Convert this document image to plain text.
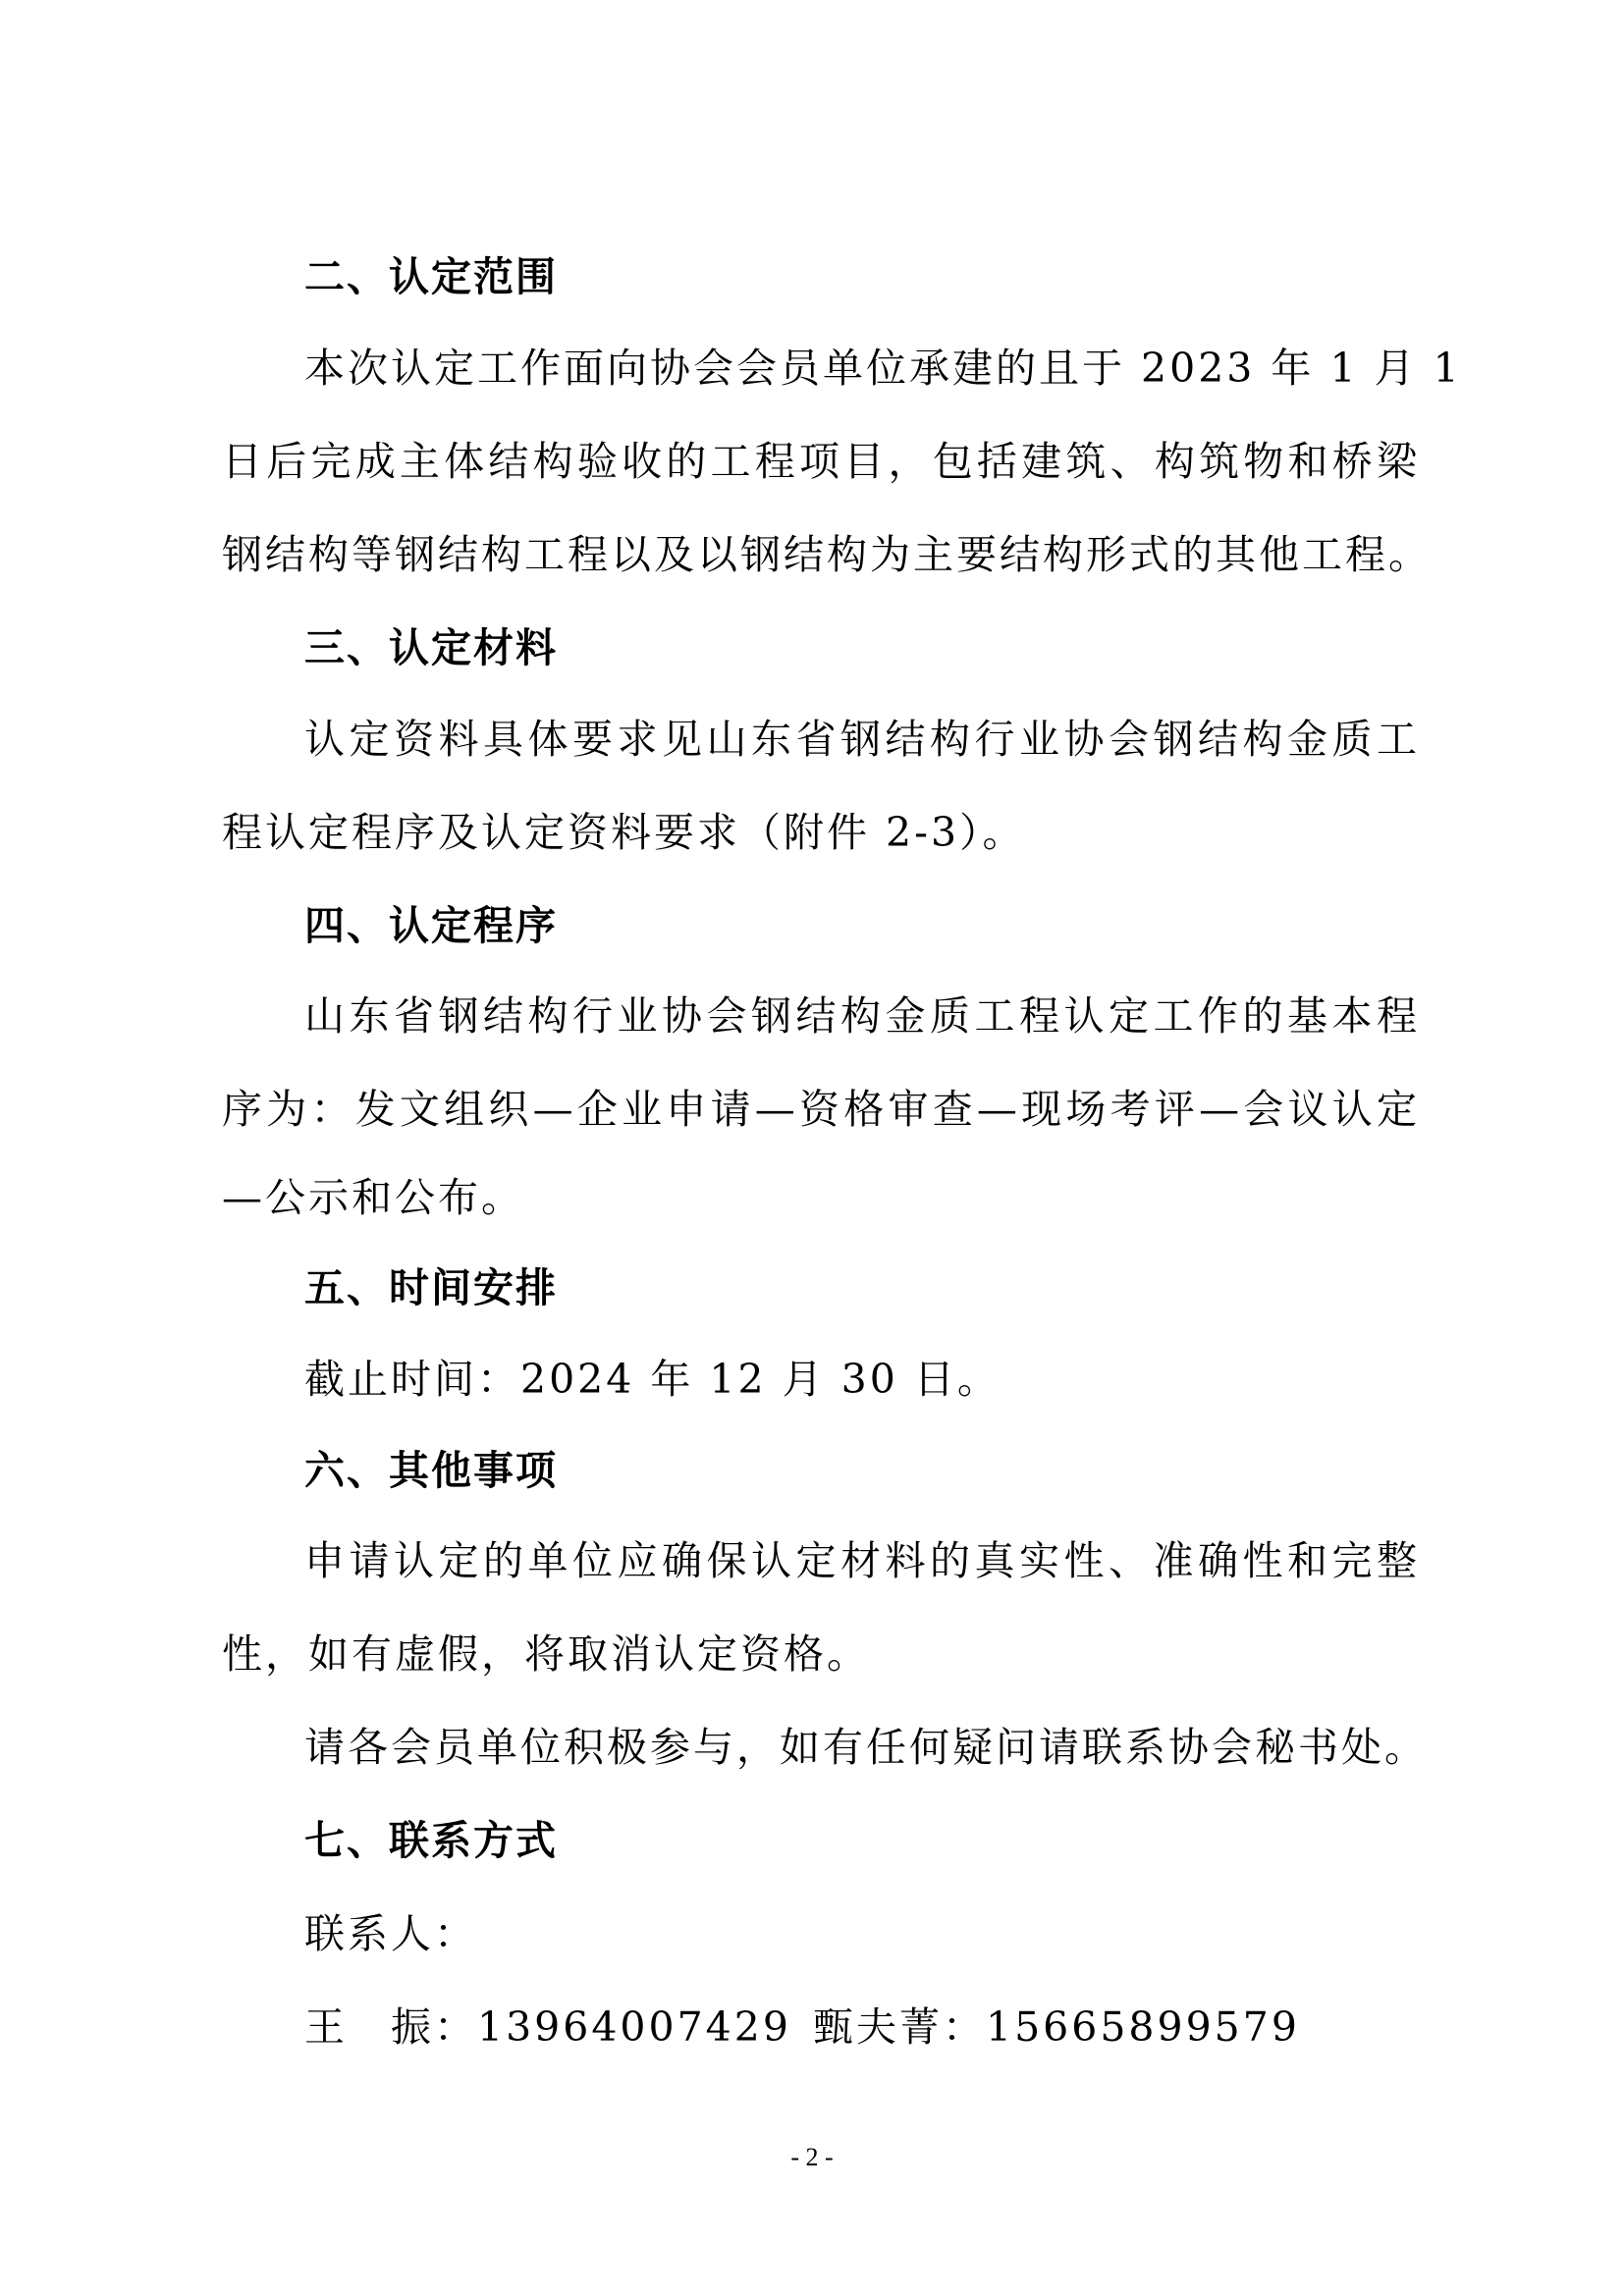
二、认定范围
本次认定工作面向协会会员单位承建的且于 2023 年 1 月 1
日后完成主体结构验收的工程项目，包括建筑、构筑物和桥梁
钢结构等钢结构工程以及以钢结构为主要结构形式的其他工程。
三、认定材料
认定资料具体要求见山东省钢结构行业协会钢结构金质工
程认定程序及认定资料要求（附件 2-3）。
四、认定程序
山东省钢结构行业协会钢结构金质工程认定工作的基本程
序为：发文组织—企业申请—资格审查—现场考评—会议认定
—公示和公布。
五、时间安排
截止时间：2024 年 12 月 30 日。
六、其他事项
申请认定的单位应确保认定材料的真实性、准确性和完整
性，如有虚假，将取消认定资格。
请各会员单位积极参与，如有任何疑问请联系协会秘书处。
七、联系方式
联系人：
王　振：13964007429 甄夫菁：15665899579
- 2 -
